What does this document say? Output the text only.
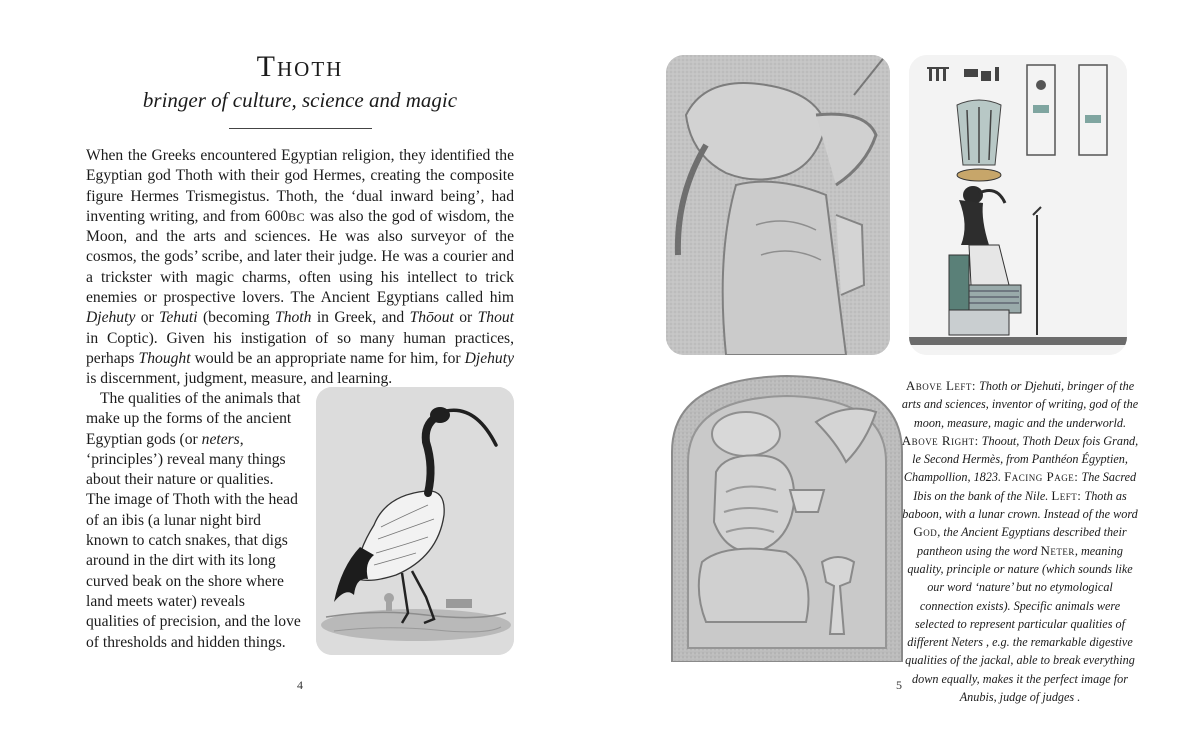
Thoth
bringer of culture, science and magic

When the Greeks encountered Egyptian religion, they identified the Egyptian god Thoth with their god Hermes, creating the composite figure Hermes Trismegistus. Thoth, the ‘dual inward being’, had inventing writing, and from 600BC was also the god of wisdom, the Moon, and the arts and sciences. He was also surveyor of the cosmos, the gods’ scribe, and later their judge. He was a courier and a trickster with magic charms, often using his intellect to trick enemies or prospective lovers. The Ancient Egyptians called him Djehuty or Tehuti (becoming Thoth in Greek, and Thōout or Thout in Coptic). Given his instigation of so many human practices, perhaps Thought would be an appropriate name for him, for Djehuty is discernment, judgment, measure, and learning.

The qualities of the animals that make up the forms of the ancient Egyptian gods (or neters, ‘principles’) reveal many things about their nature or qualities. The image of Thoth with the head of an ibis (a lunar night bird known to catch snakes, that digs around in the dirt with its long curved beak on the shore where land meets water) reveals qualities of precision, and the love of thresholds and hidden things.

4

Above Left: Thoth or Djehuti, bringer of the arts and sciences, inventor of writing, god of the moon, measure, magic and the underworld. Above Right: Thoout, Thoth Deux fois Grand, le Second Hermès, from Panthéon Égyptien, Champollion, 1823. Facing Page: The Sacred Ibis on the bank of the Nile. Left: Thoth as baboon, with a lunar crown. Instead of the word God, the Ancient Egyptians described their pantheon using the word Neter, meaning quality, principle or nature (which sounds like our word ‘nature’ but no etymological connection exists). Specific animals were selected to represent particular qualities of different Neters , e.g. the remarkable digestive qualities of the jackal, able to break everything down equally, makes it the perfect image for Anubis, judge of judges .

5
